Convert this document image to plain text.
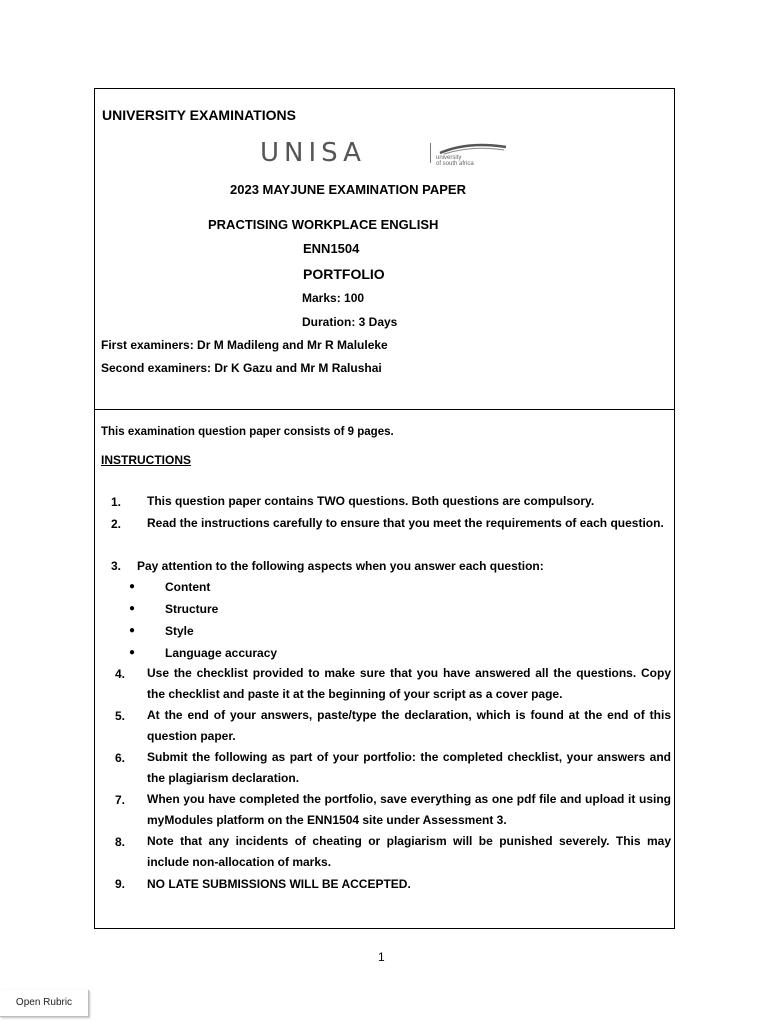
UNIVERSITY EXAMINATIONS
UNISA	university
of south africa
2023 MAYJUNE EXAMINATION PAPER
PRACTISING WORKPLACE ENGLISH
ENN1504
PORTFOLIO
Marks: 100
Duration: 3 Days
First examiners: Dr M Madileng and Mr R Maluleke
Second examiners: Dr K Gazu and Mr M Ralushai
This examination question paper consists of 9 pages.
INSTRUCTIONS
1. This question paper contains TWO questions. Both questions are compulsory.
2. Read the instructions carefully to ensure that you meet the requirements of each question.
3. Pay attention to the following aspects when you answer each question:
● Content
● Structure
● Style
● Language accuracy
4. Use the checklist provided to make sure that you have answered all the questions. Copy the checklist and paste it at the beginning of your script as a cover page.
5. At the end of your answers, paste/type the declaration, which is found at the end of this question paper.
6. Submit the following as part of your portfolio: the completed checklist, your answers and the plagiarism declaration.
7. When you have completed the portfolio, save everything as one pdf file and upload it using myModules platform on the ENN1504 site under Assessment 3.
8. Note that any incidents of cheating or plagiarism will be punished severely. This may include non-allocation of marks.
9. NO LATE SUBMISSIONS WILL BE ACCEPTED.
1
Open Rubric
